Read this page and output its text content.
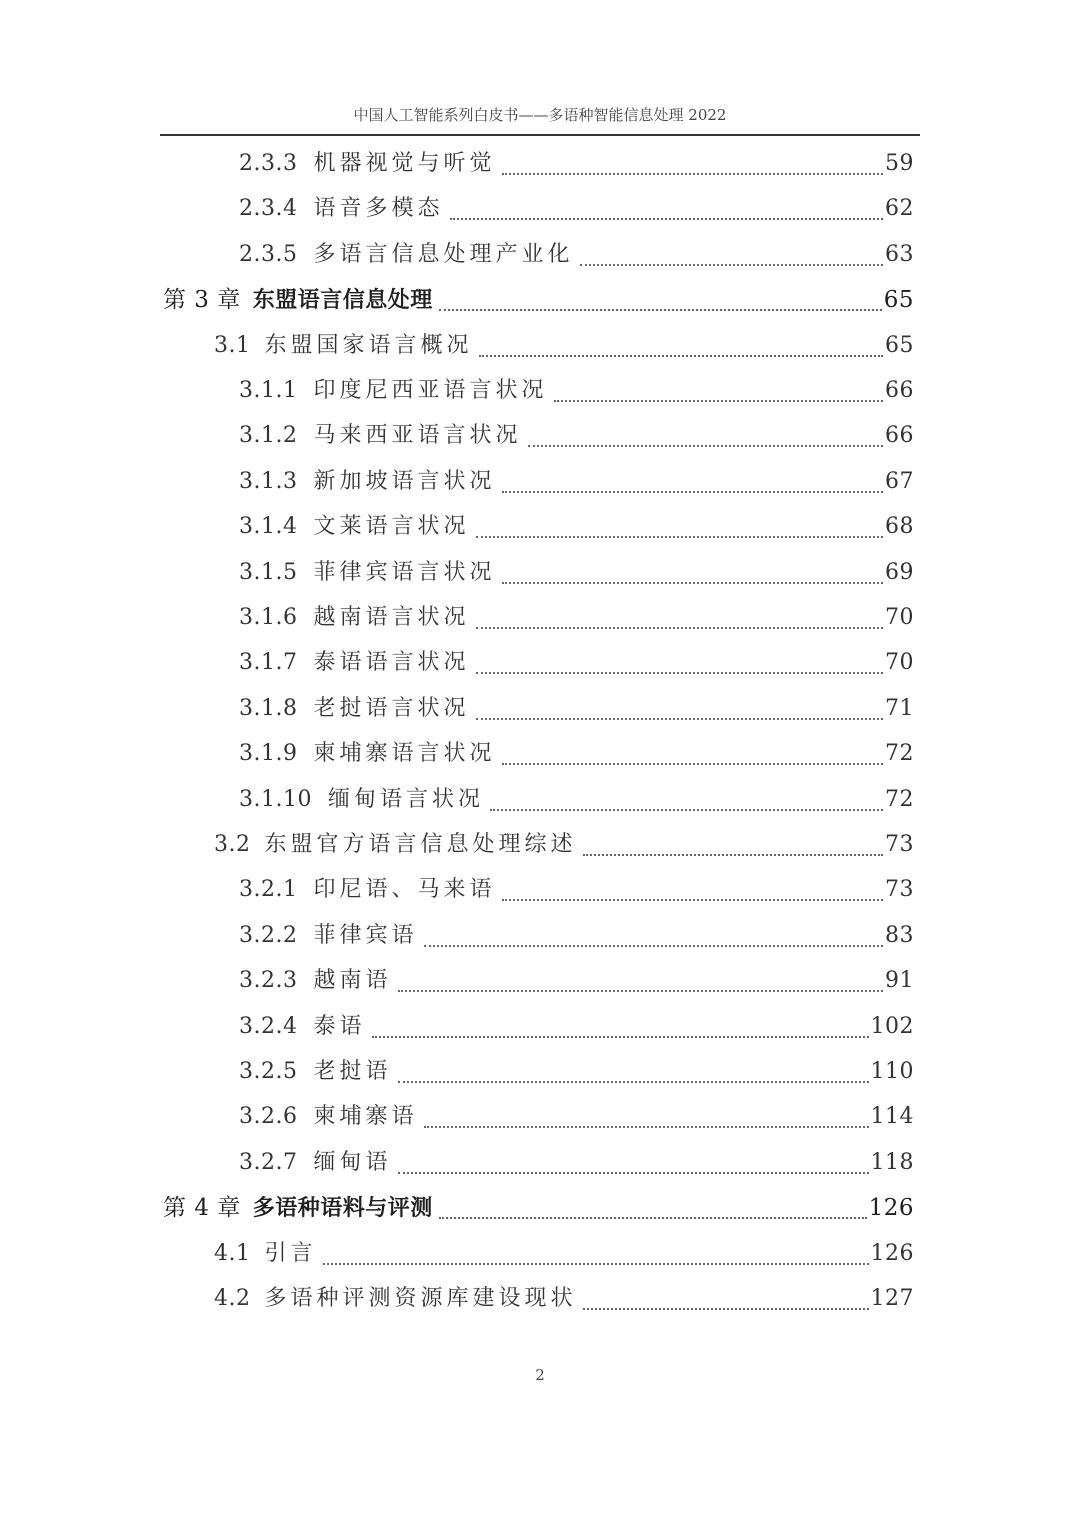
中国人工智能系列白皮书——多语种智能信息处理 2022
2.3.3 机器视觉与听觉	59
2.3.4 语音多模态	62
2.3.5 多语言信息处理产业化	63
第 3 章 东盟语言信息处理	65
3.1 东盟国家语言概况	65
3.1.1 印度尼西亚语言状况	66
3.1.2 马来西亚语言状况	66
3.1.3 新加坡语言状况	67
3.1.4 文莱语言状况	68
3.1.5 菲律宾语言状况	69
3.1.6 越南语言状况	70
3.1.7 泰语语言状况	70
3.1.8 老挝语言状况	71
3.1.9 柬埔寨语言状况	72
3.1.10 缅甸语言状况	72
3.2 东盟官方语言信息处理综述	73
3.2.1 印尼语、马来语	73
3.2.2 菲律宾语	83
3.2.3 越南语	91
3.2.4 泰语	102
3.2.5 老挝语	110
3.2.6 柬埔寨语	114
3.2.7 缅甸语	118
第 4 章 多语种语料与评测	126
4.1 引言	126
4.2 多语种评测资源库建设现状	127
2
